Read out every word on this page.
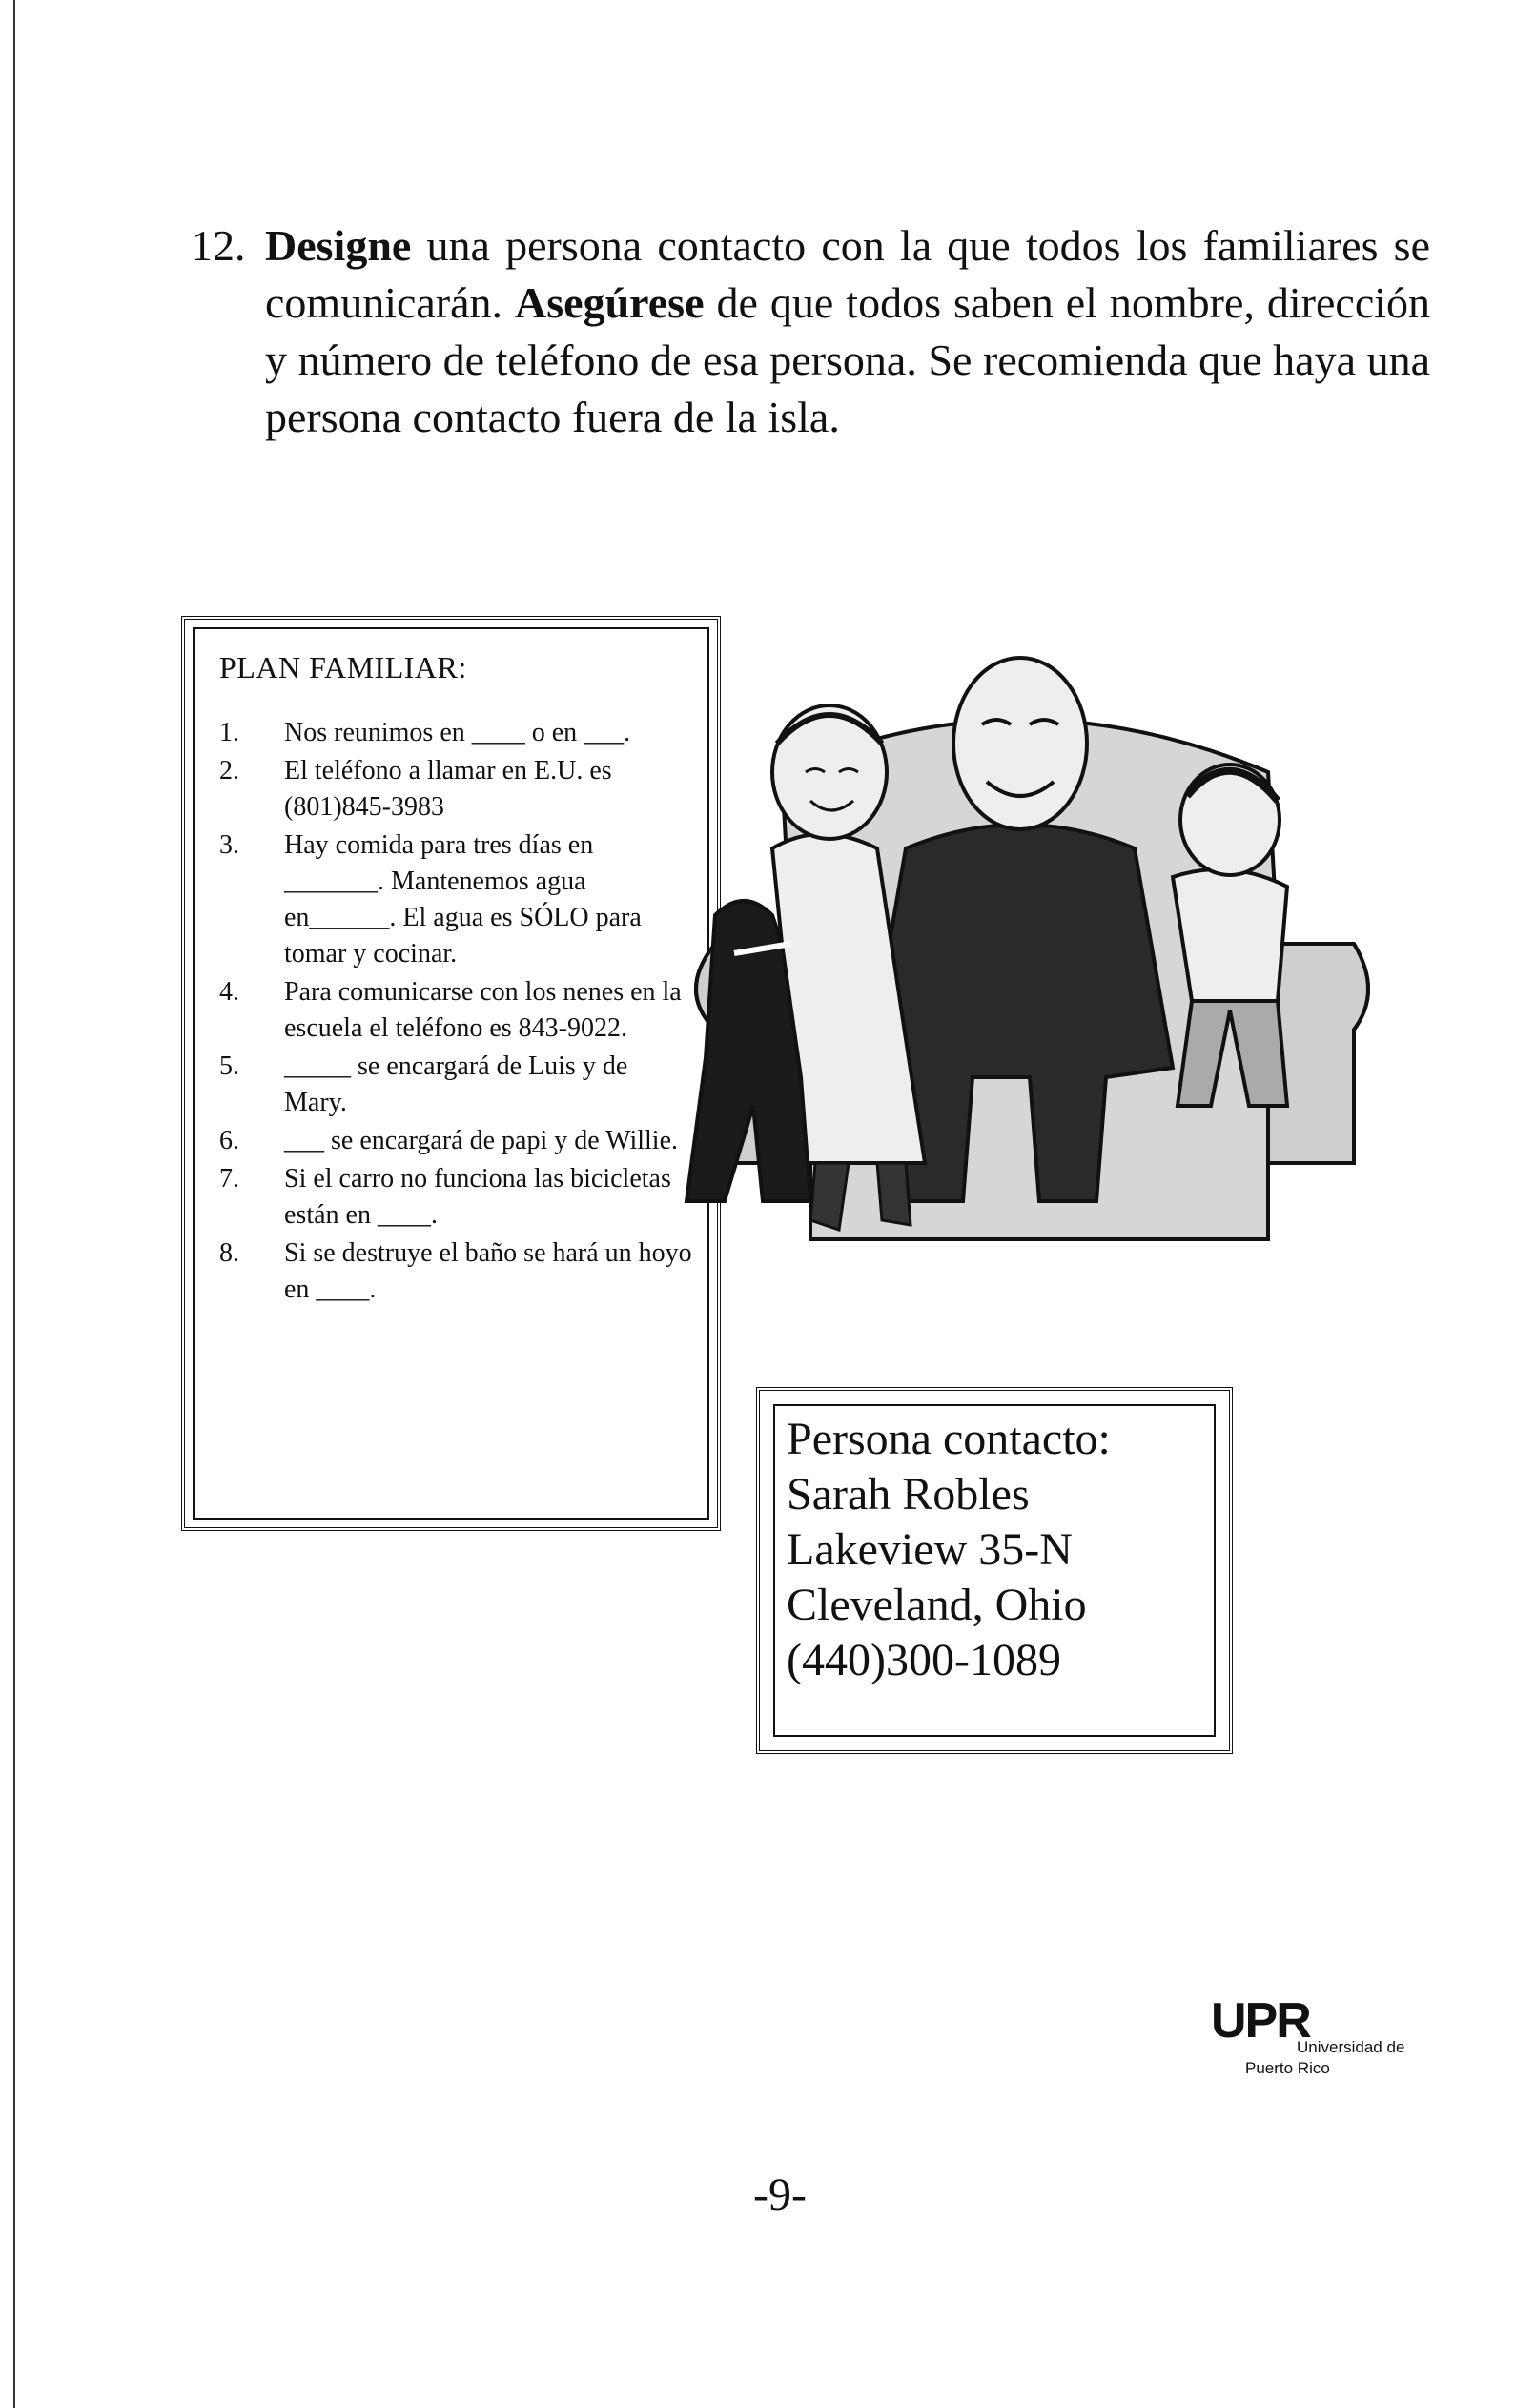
12. Designe una persona contacto con la que todos los familiares se comunicarán. Asegúrese de que todos saben el nombre, dirección y número de teléfono de esa persona. Se recomienda que haya una persona contacto fuera de la isla.
PLAN FAMILIAR:
1.	Nos reunimos en ____ o en ___.
2.	El teléfono a llamar en E.U. es (801)845-3983
3.	Hay comida para tres días en _______. Mantenemos agua en______. El agua es SÓLO para tomar y cocinar.
4.	Para comunicarse con los nenes en la escuela el teléfono es 843-9022.
5.	_____ se encargará de Luis y de Mary.
6.	___ se encargará de papi y de Willie.
7.	Si el carro no funciona las bicicletas están en ____.
8.	Si se destruye el baño se hará un hoyo en ____.
Persona contacto:
Sarah Robles
Lakeview 35-N
Cleveland, Ohio
(440)300-1089
-9-
UPR
Universidad de
Puerto Rico
